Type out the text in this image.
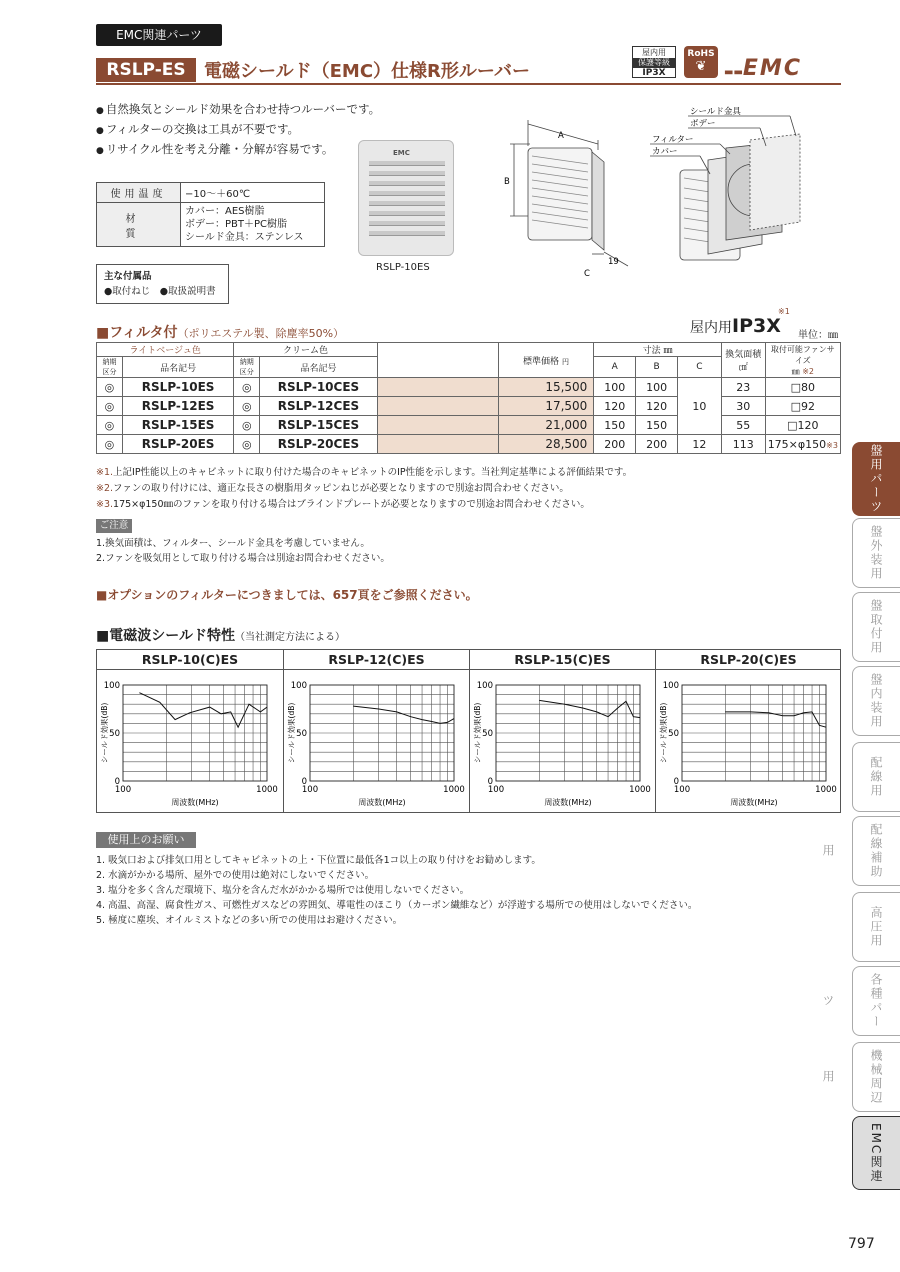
EMC関連パーツ
RSLP-ES	電磁シールド（EMC）仕様R形ルーバー
屋内用

保護等級
IP3X
RoHS
❦	▬▬EMC
● 自然換気とシールド効果を合わせ持つルーバーです。
● フィルターの交換は工具が不要です。
● リサイクル性を考え分離・分解が容易です。
使用温度	−10〜＋60℃
材　質	カバー：AES樹脂
ボデー：PBT＋PC樹脂
シールド金具：ステンレス
主な付属品
●取付ねじ　●取扱説明書
EMC
RSLP-10ES
A
B
C
19
シールド金具
ボデー
フィルター
カバー
■フィルタ付（ポリエステル製、除塵率50%）	屋内用IP3X
※1
単位：㎜
ライトベージュ色		クリーム色			標準価格 円	寸法 ㎜			換気面積
㎠	取付可能ファンサイズ
㎜ ※2
納期区分	品名記号	納期区分	品名記号			A	B	C		
◎	RSLP-10ES	◎	RSLP-10CES		15,500	100	100	10	23	□80
◎	RSLP-12ES	◎	RSLP-12CES		17,500	120	120		30	□92
◎	RSLP-15ES	◎	RSLP-15CES		21,000	150	150		55	□120
◎	RSLP-20ES	◎	RSLP-20CES		28,500	200	200	12	113	175×φ150※3
※1.上記IP性能以上のキャビネットに取り付けた場合のキャビネットのIP性能を示します。当社判定基準による評価結果です。
※2.ファンの取り付けには、適正な長さの樹脂用タッピンねじが必要となりますので別途お問合わせください。
※3.175×φ150㎜のファンを取り付ける場合はブラインドプレートが必要となりますので別途お問合わせください。
ご注意
1.換気面積は、フィルター、シールド金具を考慮していません。
2.ファンを吸気用として取り付ける場合は別途お問合わせください。
■オプションのフィルターにつきましては、657頁をご参照ください。
■電磁波シールド特性（当社測定方法による）
RSLP-10(C)ES
0
50
100
100	1000
周波数(MHz)
シールド効果(dB)
RSLP-12(C)ES
0
50
100
100	1000
周波数(MHz)
シールド効果(dB)
RSLP-15(C)ES
0
50
100
100	1000
周波数(MHz)
シールド効果(dB)
RSLP-20(C)ES
0
50
100
100	1000
周波数(MHz)
シールド効果(dB)
使用上のお願い
1. 吸気口および排気口用としてキャビネットの上・下位置に最低各1コ以上の取り付けをお勧めします。
2. 水滴がかかる場所、屋外での使用は絶対にしないでください。
3. 塩分を多く含んだ環境下、塩分を含んだ水がかかる場所では使用しないでください。
4. 高温、高湿、腐食性ガス、可燃性ガスなどの雰囲気、導電性のほこり（カーボン繊維など）が浮遊する場所での使用はしないでください。
5. 極度に塵埃、オイルミストなどの多い所での使用はお避けください。
盤用パーツ
盤外装用
盤取付用
盤内装用
配線用
配線補助用
高圧用
各種パーツ
機械周辺用
EMC関連
797
